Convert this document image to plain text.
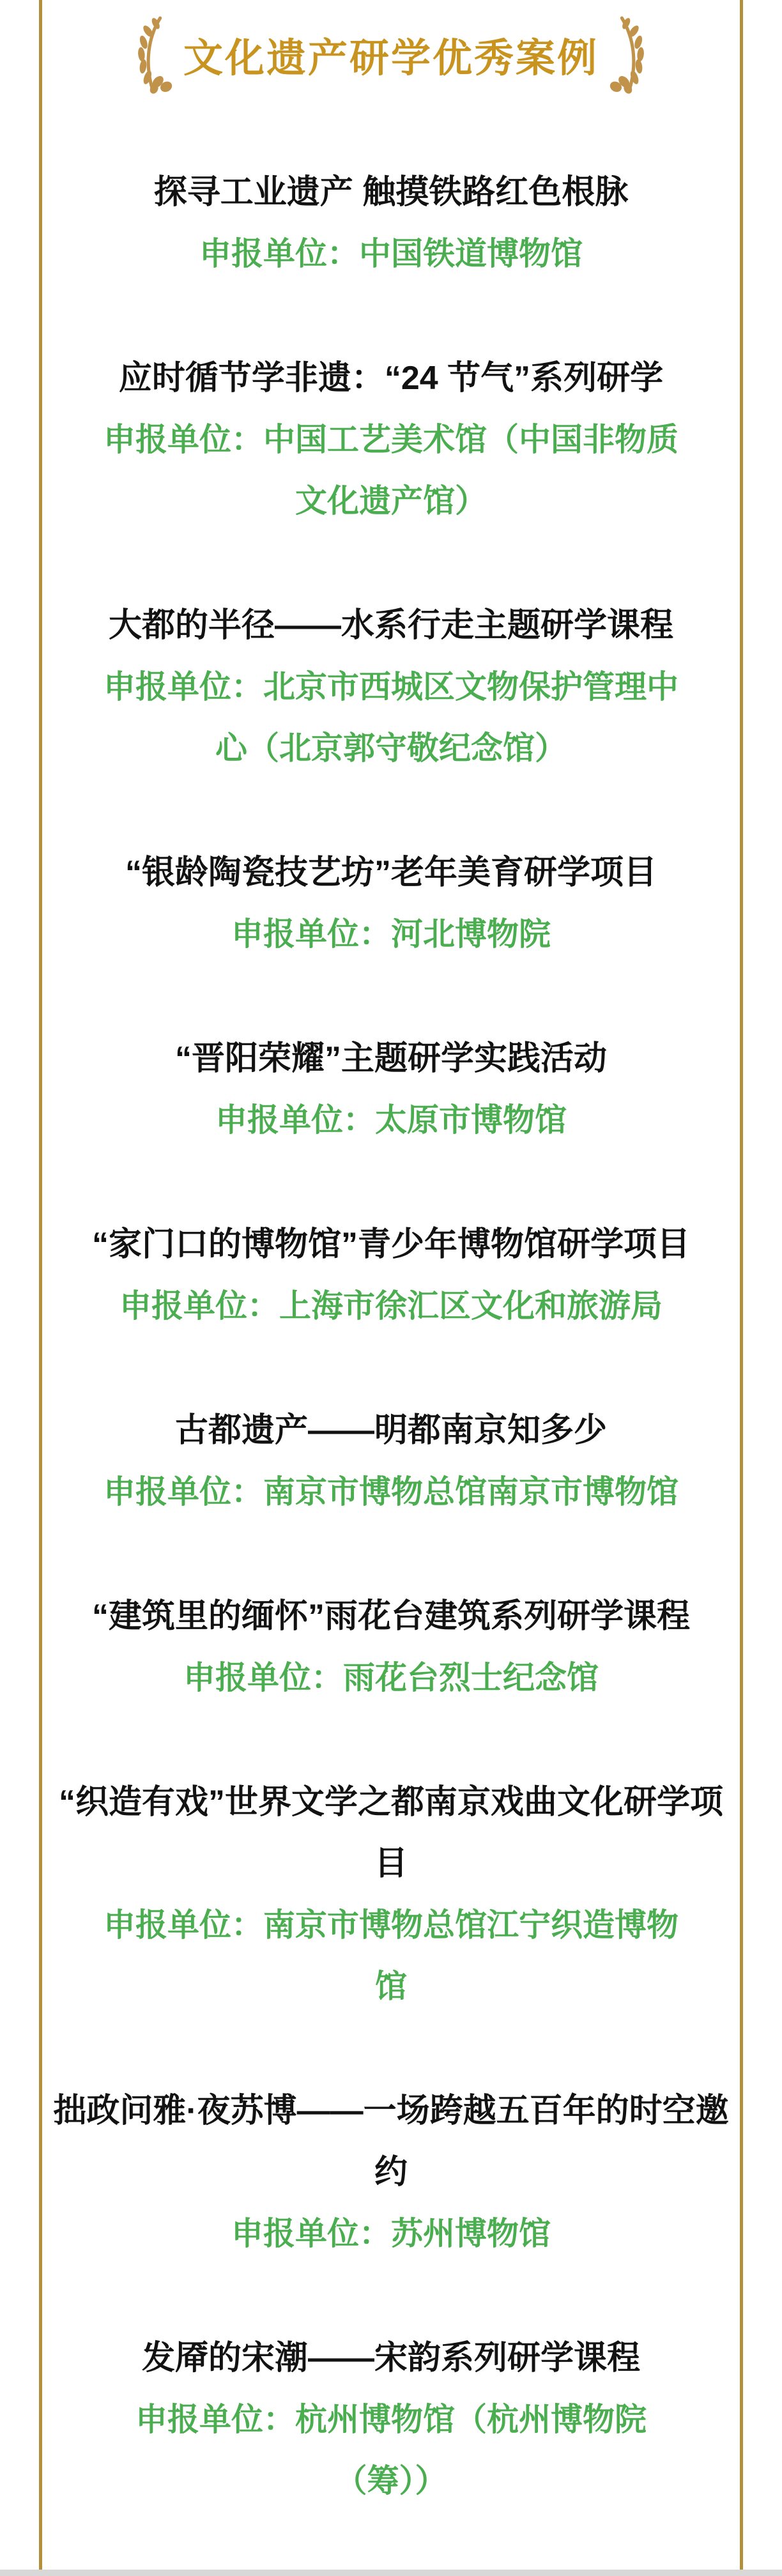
文化遗产研学优秀案例
探寻工业遗产 触摸铁路红色根脉
申报单位：中国铁道博物馆
应时循节学非遗：“24 节气”系列研学
申报单位：中国工艺美术馆（中国非物质文化遗产馆）
大都的半径——水系行走主题研学课程
申报单位：北京市西城区文物保护管理中心（北京郭守敬纪念馆）
“银龄陶瓷技艺坊”老年美育研学项目
申报单位：河北博物院
“晋阳荣耀”主题研学实践活动
申报单位：太原市博物馆
“家门口的博物馆”青少年博物馆研学项目
申报单位：上海市徐汇区文化和旅游局
古都遗产——明都南京知多少
申报单位：南京市博物总馆南京市博物馆
“建筑里的缅怀”雨花台建筑系列研学课程
申报单位：雨花台烈士纪念馆
“织造有戏”世界文学之都南京戏曲文化研学项目
申报单位：南京市博物总馆江宁织造博物馆
拙政问雅·夜苏博——一场跨越五百年的时空邀约
申报单位：苏州博物馆
发厣的宋潮——宋韵系列研学课程
申报单位：杭州博物馆（杭州博物院（筹））
